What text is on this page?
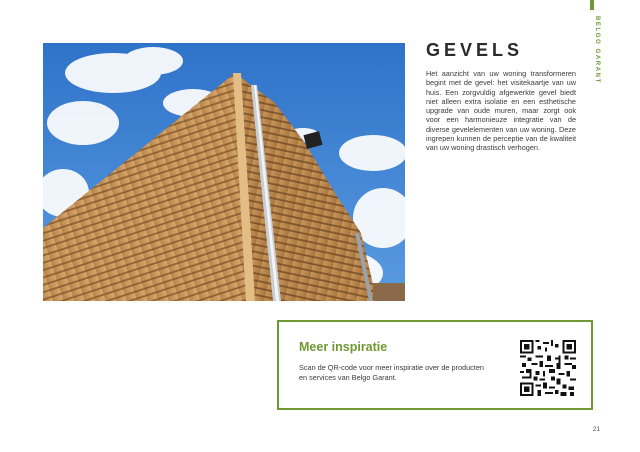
BELGO GARANT
GEVELS

Het aanzicht van uw woning transformeren begint met de gevel: het visitekaartje van uw huis. Een zorgvuldig afgewerkte gevel biedt niet alleen extra isolatie en een esthetische upgrade van oude muren, maar zorgt ook voor een harmonieuze integratie van de diverse gevelelementen van uw woning. Deze ingrepen kunnen de perceptie van de kwaliteit van uw woning drastisch verhogen.

Meer inspiratie

Scan de QR-code voor meer inspiratie over de producten en services van Belgo Garant.

21
